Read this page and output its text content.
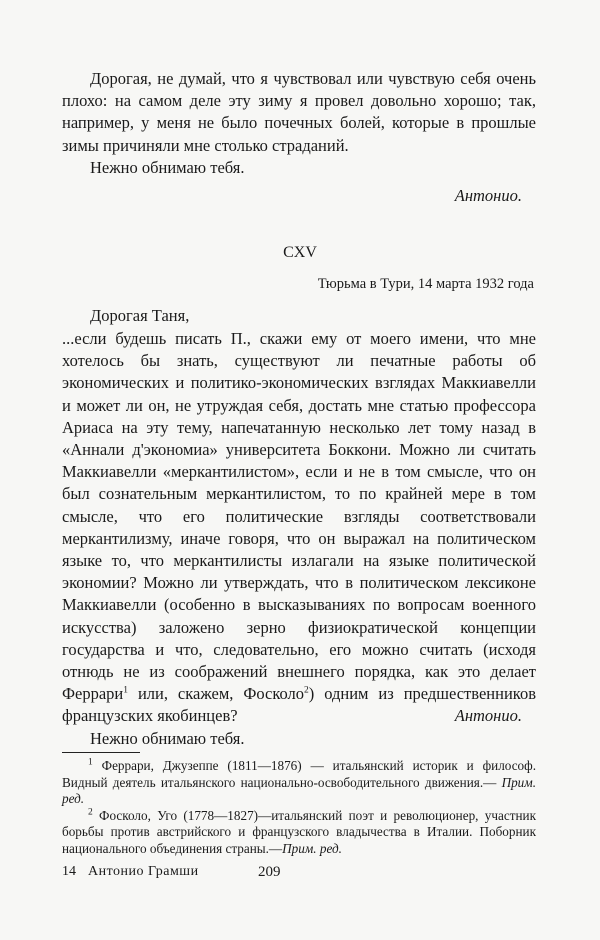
Дорогая, не думай, что я чувствовал или чувствую себя очень плохо: на самом деле эту зиму я провел довольно хорошо; так, например, у меня не было почечных болей, которые в прошлые зимы причиняли мне столько страданий.

Нежно обнимаю тебя.

Антонио.
CXV
Тюрьма в Тури, 14 марта 1932 года
Дорогая Таня,

...если будешь писать П., скажи ему от моего имени, что мне хотелось бы знать, существуют ли печатные работы об экономических и политико-экономических взглядах Маккиавелли и может ли он, не утруждая себя, достать мне статью профессора Ариаса на эту тему, напечатанную несколько лет тому назад в «Аннали д'экономиа» университета Боккони. Можно ли считать Маккиавелли «меркантилистом», если и не в том смысле, что он был сознательным меркантилистом, то по крайней мере в том смысле, что его политические взгляды соответствовали меркантилизму, иначе говоря, что он выражал на политическом языке то, что меркантилисты излагали на языке политической экономии? Можно ли утверждать, что в политическом лексиконе Маккиавелли (особенно в высказываниях по вопросам военного искусства) заложено зерно физиократической концепции государства и что, следовательно, его можно считать (исходя отнюдь не из соображений внешнего порядка, как это делает Феррари$^1$ или, скажем, Фосколо$^2$) одним из предшественников французских якобинцев?

Нежно обнимаю тебя.

Антонио.

$^1$ Феррари, Джузеппе (1811—1876) — итальянский историк и философ. Видный деятель итальянского национально-освободительного движения.— Прим. ред.

$^2$ Фосколо, Уго (1778—1827)—итальянский поэт и революционер, участник борьбы против австрийского и французского владычества в Италии. Поборник национального объединения страны.—Прим. ред.

14 Антонио Грамши	209
